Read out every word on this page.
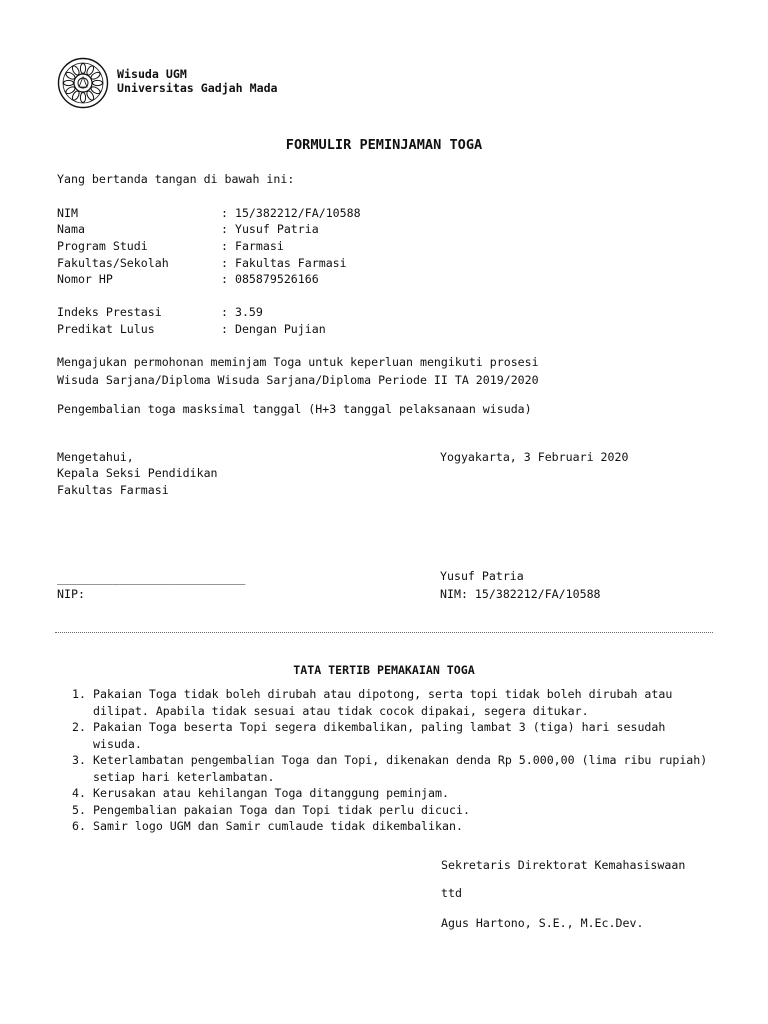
Wisuda UGM
Universitas Gadjah Mada
FORMULIR PEMINJAMAN TOGA
Yang bertanda tangan di bawah ini:
NIM	: 15/382212/FA/10588
Nama	: Yusuf Patria
Program Studi	: Farmasi
Fakultas/Sekolah	: Fakultas Farmasi
Nomor HP	: 085879526166
Indeks Prestasi	: 3.59
Predikat Lulus	: Dengan Pujian
Mengajukan permohonan meminjam Toga untuk keperluan mengikuti prosesi
Wisuda Sarjana/Diploma Wisuda Sarjana/Diploma Periode II TA 2019/2020
Pengembalian toga masksimal tanggal (H+3 tanggal pelaksanaan wisuda)
Mengetahui,
Kepala Seksi Pendidikan
Fakultas Farmasi
___________________________
NIP:
Yogyakarta, 3 Februari 2020
Yusuf Patria
NIM: 15/382212/FA/10588
TATA TERTIB PEMAKAIAN TOGA
1. Pakaian Toga tidak boleh dirubah atau dipotong, serta topi tidak boleh dirubah atau dilipat. Apabila tidak sesuai atau tidak cocok dipakai, segera ditukar.
2. Pakaian Toga beserta Topi segera dikembalikan, paling lambat 3 (tiga) hari sesudah wisuda.
3. Keterlambatan pengembalian Toga dan Topi, dikenakan denda Rp 5.000,00 (lima ribu rupiah) setiap hari keterlambatan.
4. Kerusakan atau kehilangan Toga ditanggung peminjam.
5. Pengembalian pakaian Toga dan Topi tidak perlu dicuci.
6. Samir logo UGM dan Samir cumlaude tidak dikembalikan.
Sekretaris Direktorat Kemahasiswaan
ttd
Agus Hartono, S.E., M.Ec.Dev.
